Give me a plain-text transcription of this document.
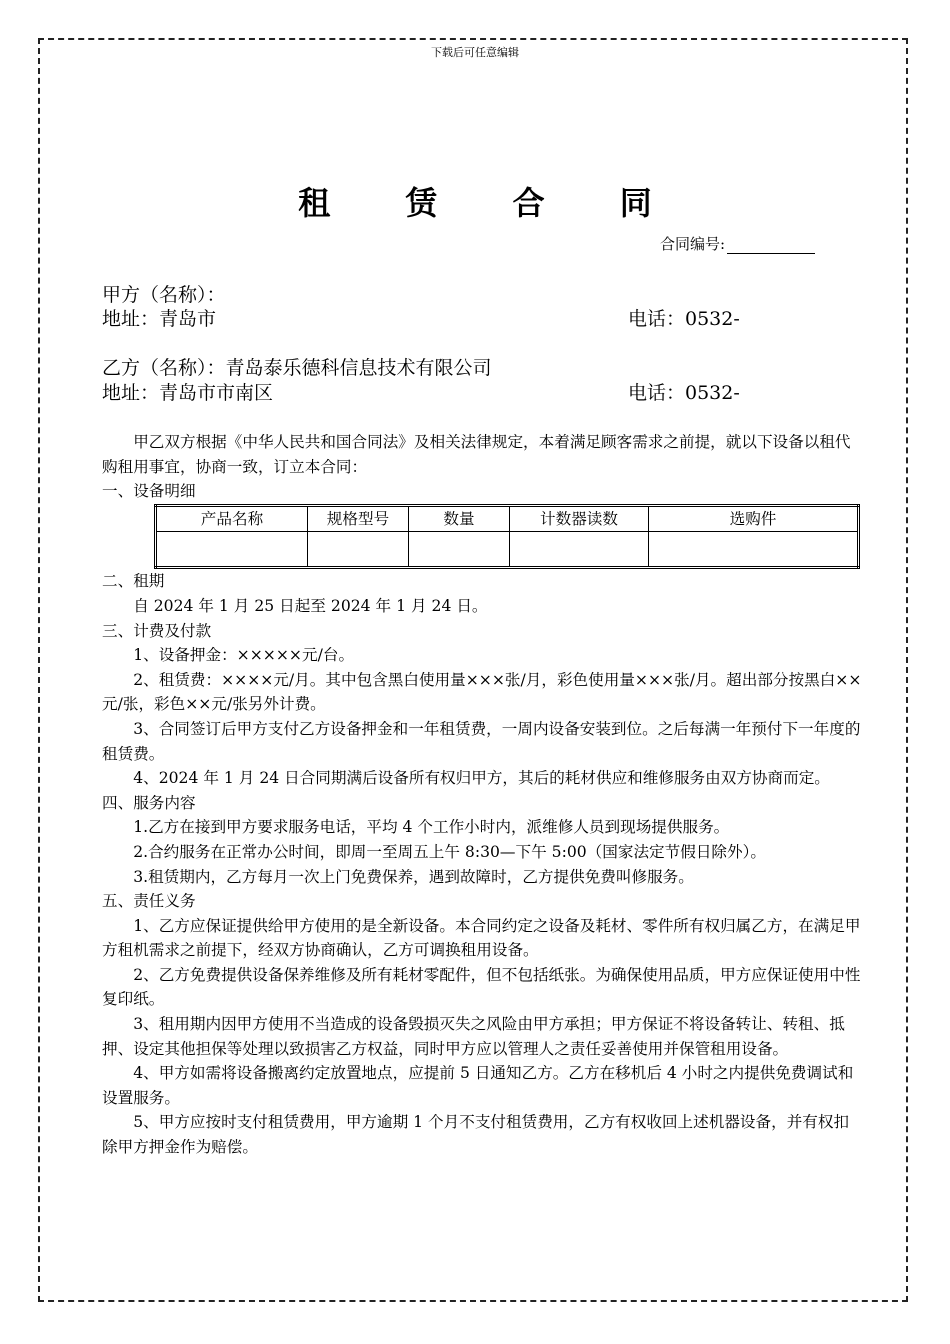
下载后可任意编辑
租 赁 合 同
合同编号:
甲方（名称）：
地址：青岛市	电话：0532-
乙方（名称）：青岛泰乐德科信息技术有限公司
地址：青岛市市南区	电话：0532-

甲乙双方根据《中华人民共和国合同法》及相关法律规定，本着满足顾客需求之前提，就以下设备以租代购租用事宜，协商一致，订立本合同：

一、设备明细

产品名称	规格型号	数量	计数器读数	选购件

二、租期

自 2024 年 1 月 25 日起至 2024 年 1 月 24 日。

三、计费及付款

1、设备押金：×××××元/台。

2、租赁费：××××元/月。其中包含黑白使用量×××张/月，彩色使用量×××张/月。超出部分按黑白××元/张，彩色××元/张另外计费。

3、合同签订后甲方支付乙方设备押金和一年租赁费，一周内设备安装到位。之后每满一年预付下一年度的租赁费。

4、2024 年 1 月 24 日合同期满后设备所有权归甲方，其后的耗材供应和维修服务由双方协商而定。

四、服务内容

1.乙方在接到甲方要求服务电话，平均 4 个工作小时内，派维修人员到现场提供服务。

2.合约服务在正常办公时间，即周一至周五上午 8:30—下午 5:00（国家法定节假日除外）。

3.租赁期内，乙方每月一次上门免费保养，遇到故障时，乙方提供免费叫修服务。

五、责任义务

1、乙方应保证提供给甲方使用的是全新设备。本合同约定之设备及耗材、零件所有权归属乙方，在满足甲方租机需求之前提下，经双方协商确认，乙方可调换租用设备。

2、乙方免费提供设备保养维修及所有耗材零配件，但不包括纸张。为确保使用品质，甲方应保证使用中性复印纸。

3、租用期内因甲方使用不当造成的设备毁损灭失之风险由甲方承担；甲方保证不将设备转让、转租、抵押、设定其他担保等处理以致损害乙方权益，同时甲方应以管理人之责任妥善使用并保管租用设备。

4、甲方如需将设备搬离约定放置地点，应提前 5 日通知乙方。乙方在移机后 4 小时之内提供免费调试和设置服务。

5、甲方应按时支付租赁费用，甲方逾期 1 个月不支付租赁费用，乙方有权收回上述机器设备，并有权扣除甲方押金作为赔偿。
